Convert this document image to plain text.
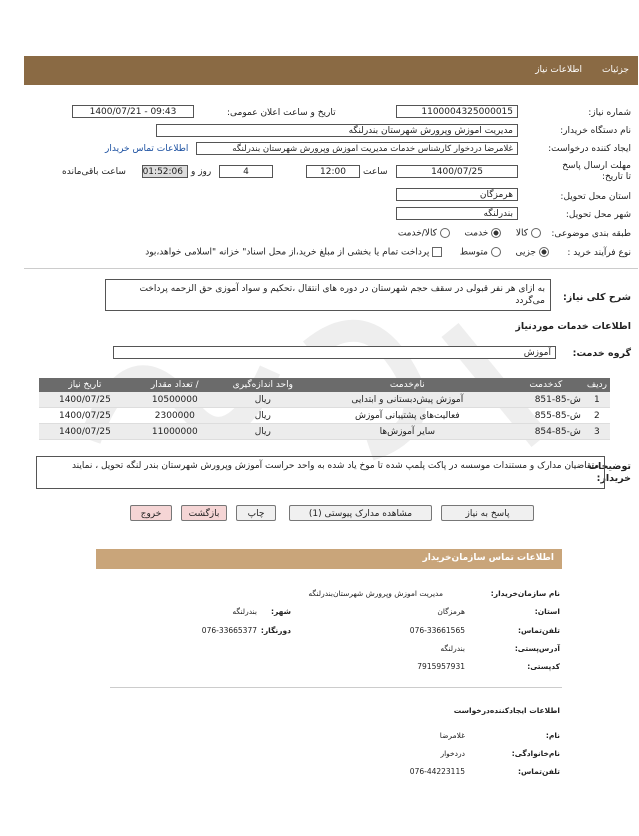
جزئیات
اطلاعات نیاز
شماره نیاز:
1100004325000015
تاریخ و ساعت اعلان عمومی:
1400/07/21 - 09:43
نام دستگاه خریدار:
مدیریت اموزش وپرورش شهرستان بندرلنگه
ایجاد کننده درخواست:
غلامرضا دردخوار کارشناس خدمات مدیریت اموزش وپرورش شهرستان بندرلنگه
اطلاعات تماس خریدار
مهلت ارسال پاسخ تا تاریخ:
1400/07/25
ساعت
12:00
4
روز و
01:52:06
ساعت باقی‌مانده
استان محل تحویل:
هرمزگان
شهر محل تحویل:
بندرلنگه
طبقه بندی موضوعی:
کالا    خدمت    کالا/خدمت
نوع فرآیند خرید :
جزیی    متوسط     پرداخت تمام یا بخشی از مبلغ خرید،از محل اسناد" خزانه "اسلامی خواهد،بود
شرح کلی نیاز:
به ازای هر نفر قبولی در سقف حجم شهرستان در دوره های انتقال ،تحکیم و سواد آموزی حق الزحمه پرداخت می‌گردد
اطلاعات خدمات موردنیاز
گروه خدمت:
آموزش
ردیف	کدخدمت	نام‌خدمت	واحد اندازه‌گیری	/ تعداد مقدار	تاریخ نیاز
1	ش-85-851	آموزش پیش‌دبستانی و ابتدایی	ریال	10500000	1400/07/25
2	ش-85-855	فعالیت‌های پشتیبانی آموزش	ریال	2300000	1400/07/25
3	ش-85-854	سایر آموزش‌ها	ریال	11000000	1400/07/25
توضیحات خریدار:
متقاضیان مدارک و مستندات موسسه در پاکت پلمپ شده تا موخ یاد شده به واحد حراست آموزش وپرورش شهرستان بندر لنگه تحویل ، نمایند
پاسخ به نیاز
مشاهده مدارک پیوستی (1)
چاپ
بازگشت
خروج
اطلاعات تماس سازمان‌خریدار
نام سازمان‌خریدار:
مدیریت اموزش وپرورش شهرستان‌بندرلنگه
استان:
هرمزگان
شهر:
بندرلنگه
تلفن‌تماس:
076-33661565
دورنگار:
076-33665377
آدرس‌پستی:
بندرلنگه
کدپستی:
7915957931
اطلاعات ایجادکننده‌درخواست
نام:
غلامرضا
نام‌خانوادگی:
دردخوار
تلفن‌تماس:
076-44223115
